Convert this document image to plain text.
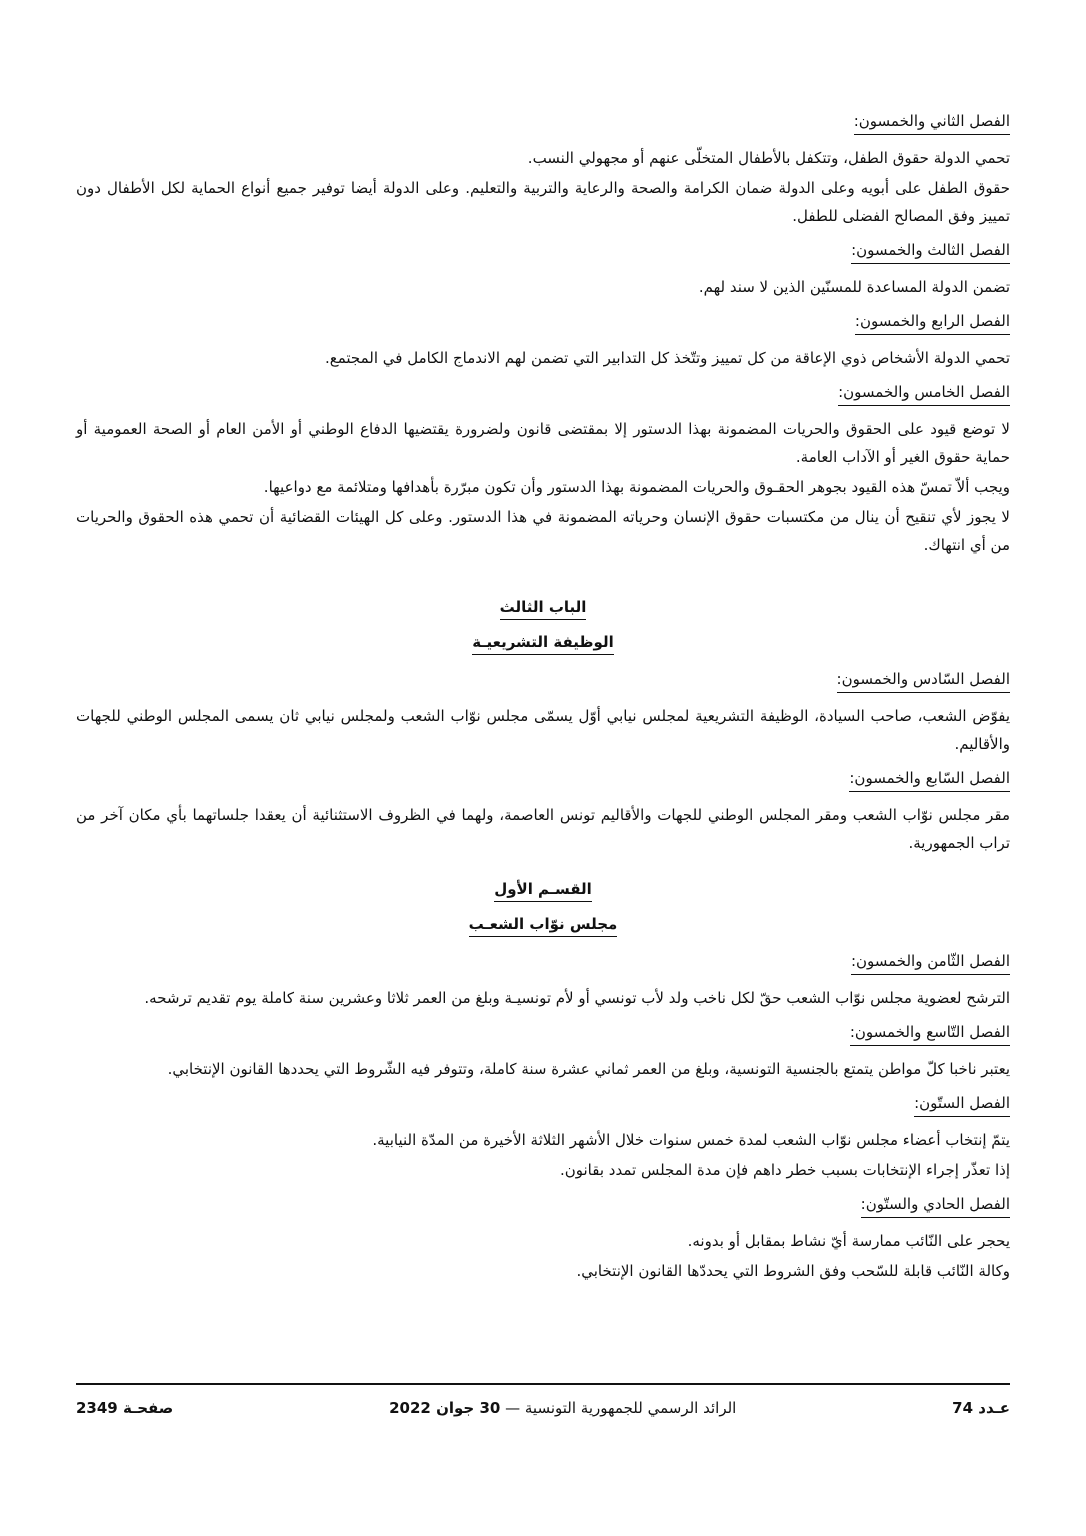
الفصل الثاني والخمسون:
تحمي الدولة حقوق الطفل، وتتكفل بالأطفال المتخلّى عنهم أو مجهولي النسب.
حقوق الطفل على أبويه وعلى الدولة ضمان الكرامة والصحة والرعاية والتربية والتعليم. وعلى الدولة أيضا توفير جميع أنواع الحماية لكل الأطفال دون تمييز وفق المصالح الفضلى للطفل.
الفصل الثالث والخمسون:
تضمن الدولة المساعدة للمسنّين الذين لا سند لهم.
الفصل الرابع والخمسون:
تحمي الدولة الأشخاص ذوي الإعاقة من كل تمييز وتتّخذ كل التدابير التي تضمن لهم الاندماج الكامل في المجتمع.
الفصل الخامس والخمسون:
لا توضع قيود على الحقوق والحريات المضمونة بهذا الدستور إلا بمقتضى قانون ولضرورة يقتضيها الدفاع الوطني أو الأمن العام أو الصحة العمومية أو حماية حقوق الغير أو الآداب العامة.
ويجب ألاّ تمسّ هذه القيود بجوهر الحقـوق والحريات المضمونة بهذا الدستور وأن تكون مبرّرة بأهدافها ومتلائمة مع دواعيها.
لا يجوز لأي تنقيح أن ينال من مكتسبات حقوق الإنسان وحرياته المضمونة في هذا الدستور. وعلى كل الهيئات القضائية أن تحمي هذه الحقوق والحريات من أي انتهاك.
الباب الثالث
الوظيفة التشريعيـة
الفصل السّادس والخمسون:
يفوّض الشعب، صاحب السيادة، الوظيفة التشريعية لمجلس نيابي أوّل يسمّى مجلس نوّاب الشعب ولمجلس نيابي ثان يسمى المجلس الوطني للجهات والأقاليم.
الفصل السّابع والخمسون:
مقر مجلس نوّاب الشعب ومقر المجلس الوطني للجهات والأقاليم تونس العاصمة، ولهما في الظروف الاستثنائية أن يعقدا جلساتهما بأي مكان آخر من تراب الجمهورية.
القسـم الأول
مجلس نوّاب الشعـب
الفصل الثّامن والخمسون:
الترشح لعضوية مجلس نوّاب الشعب حقّ لكل ناخب ولد لأب تونسي أو لأم تونسيـة وبلغ من العمر ثلاثا وعشرين سنة كاملة يوم تقديم ترشحه.
الفصل التّاسع والخمسون:
يعتبر ناخبا كلّ مواطن يتمتع بالجنسية التونسية، وبلغ من العمر ثماني عشرة سنة كاملة، وتتوفر فيه الشّروط التي يحددها القانون الإنتخابي.
الفصل الستّون:
يتمّ إنتخاب أعضاء مجلس نوّاب الشعب لمدة خمس سنوات خلال الأشهر الثلاثة الأخيرة من المدّة النيابية.
إذا تعذّر إجراء الإنتخابات بسبب خطر داهم فإن مدة المجلس تمدد بقانون.
الفصل الحادي والستّون:
يحجر على النّائب ممارسة أيّ نشاط بمقابل أو بدونه.
وكالة النّائب قابلة للسّحب وفق الشروط التي يحددّها القانون الإنتخابي.
عـدد 74
الرائد الرسمي للجمهورية التونسية — 30 جوان 2022
صفحـة 2349
